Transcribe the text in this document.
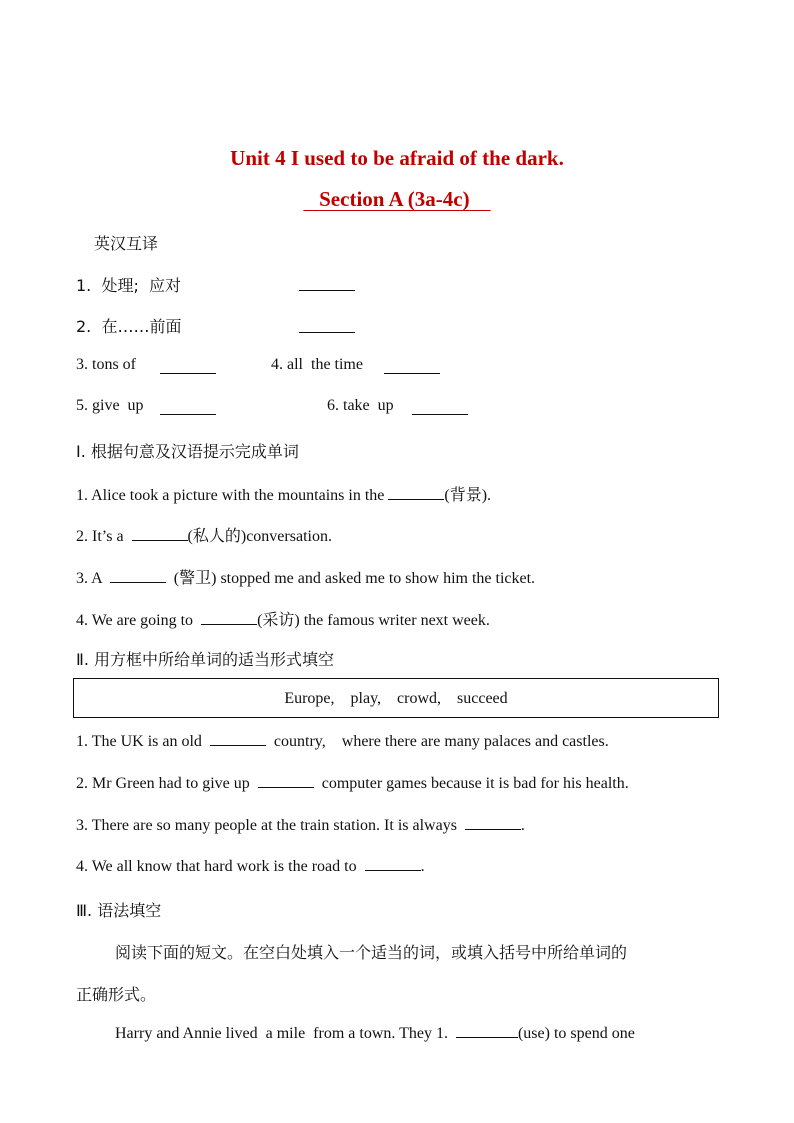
Unit 4 I used to be afraid of the dark.
Section A (3a-4c)
英汉互译
1.  处理;  应对
2.  在……前面
3. tons of	4. all  the time
5. give  up	6. take  up
Ⅰ. 根据句意及汉语提示完成单词
1. Alice took a picture with the mountains in the	(背景).
2. It’s a	(私人的)conversation.
3. A	(警卫) stopped me and asked me to show him the ticket.
4. We are going to	(采访) the famous writer next week.
Ⅱ. 用方框中所给单词的适当形式填空
Europe,    play,    crowd,    succeed
1. The UK is an old	country,    where there are many palaces and castles.
2. Mr Green had to give up	computer games because it is bad for his health.
3. There are so many people at the train station. It is always	.
4. We all know that hard work is the road to	.
Ⅲ. 语法填空
阅读下面的短文。在空白处填入一个适当的词，或填入括号中所给单词的
正确形式。
Harry and Annie lived  a mile  from a town. They 1.	(use) to spend one
